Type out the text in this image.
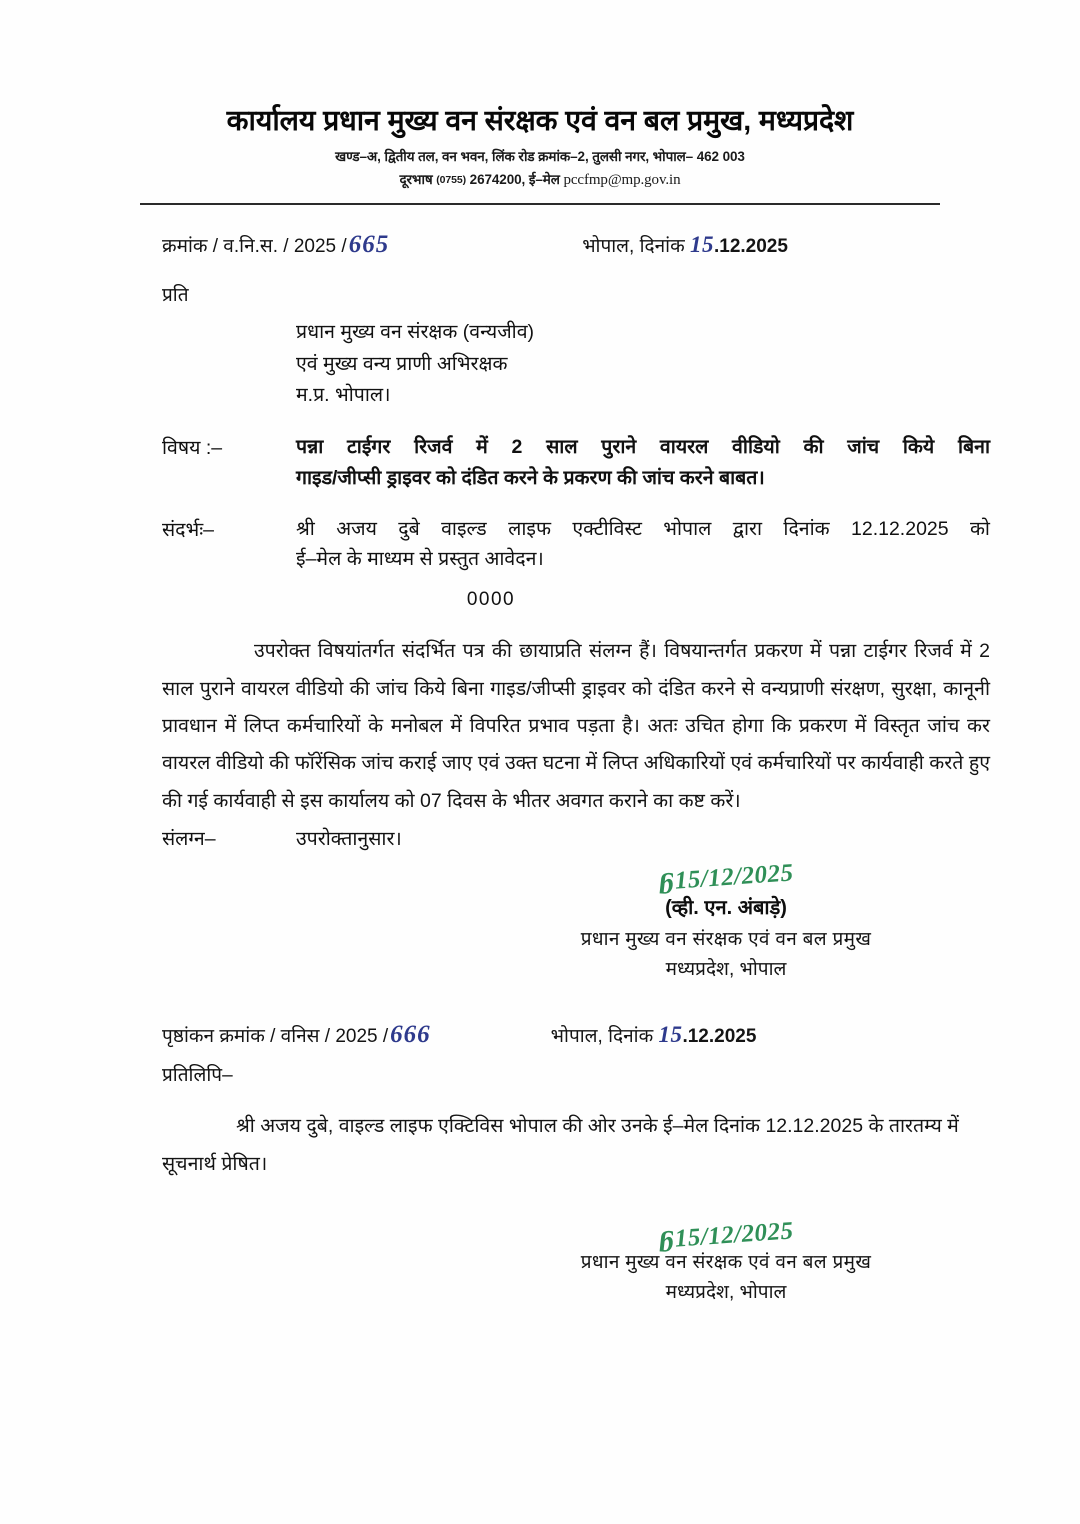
कार्यालय प्रधान मुख्य वन संरक्षक एवं वन बल प्रमुख, मध्यप्रदेश
खण्ड–अ, द्वितीय तल, वन भवन, लिंक रोड क्रमांक–2, तुलसी नगर, भोपाल– 462 003
दूरभाष (0755) 2674200, ई–मेल pccfmp@mp.gov.in
क्रमांक / व.नि.स. / 2025 /665	भोपाल, दिनांक 15.12.2025
प्रति
प्रधान मुख्य वन संरक्षक (वन्यजीव)
एवं मुख्य वन्य प्राणी अभिरक्षक
म.प्र. भोपाल।
विषय :–	पन्ना टाईगर रिजर्व में 2 साल पुराने वायरल वीडियो की जांच किये बिना
गाइड/जीप्सी ड्राइवर को दंडित करने के प्रकरण की जांच करने बाबत।
संदर्भः–	श्री अजय दुबे वाइल्ड लाइफ एक्टीविस्ट भोपाल द्वारा दिनांक 12.12.2025 को
ई–मेल के माध्यम से प्रस्तुत आवेदन।
0000
उपरोक्त विषयांतर्गत संदर्भित पत्र की छायाप्रति संलग्न हैं। विषयान्तर्गत प्रकरण में पन्ना टाईगर रिजर्व में 2 साल पुराने वायरल वीडियो की जांच किये बिना गाइड/जीप्सी ड्राइवर को दंडित करने से वन्यप्राणी संरक्षण, सुरक्षा, कानूनी प्रावधान में लिप्त कर्मचारियों के मनोबल में विपरित प्रभाव पड़ता है। अतः उचित होगा कि प्रकरण में विस्तृत जांच कर वायरल वीडियो की फॉरेंसिक जांच कराई जाए एवं उक्त घटना में लिप्त अधिकारियों एवं कर्मचारियों पर कार्यवाही करते हुए की गई कार्यवाही से इस कार्यालय को 07 दिवस के भीतर अवगत कराने का कष्ट करें।
संलग्न–	उपरोक्तानुसार।
ᵷ15/12/2025
(व्ही. एन. अंबाड़े)
प्रधान मुख्य वन संरक्षक एवं वन बल प्रमुख
मध्यप्रदेश, भोपाल
पृष्ठांकन क्रमांक / वनिस / 2025 /666	भोपाल, दिनांक 15.12.2025
प्रतिलिपि–
श्री अजय दुबे, वाइल्ड लाइफ एक्टिविस भोपाल की ओर उनके ई–मेल दिनांक 12.12.2025 के तारतम्य में सूचनार्थ प्रेषित।
ᵷ15/12/2025
प्रधान मुख्य वन संरक्षक एवं वन बल प्रमुख
मध्यप्रदेश, भोपाल
